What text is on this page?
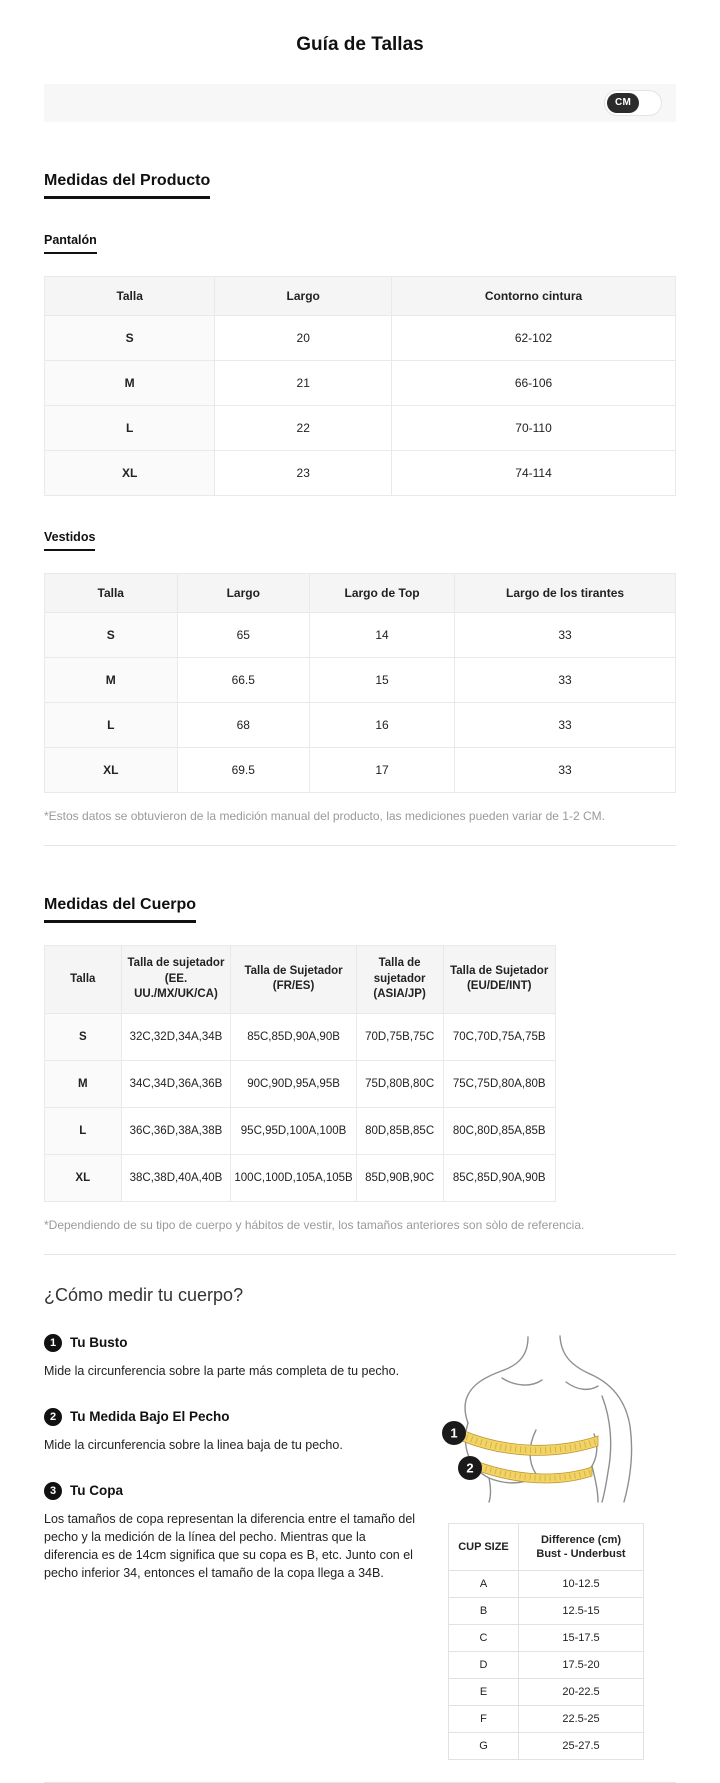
Guía de Tallas
CM
Medidas del Producto
Pantalón
Talla	Largo	Contorno cintura
S	20	62-102
M	21	66-106
L	22	70-110
XL	23	74-114
Vestidos
Talla	Largo	Largo de Top	Largo de los tirantes
S	65	14	33
M	66.5	15	33
L	68	16	33
XL	69.5	17	33
*Estos datos se obtuvieron de la medición manual del producto, las mediciones pueden variar de 1-2 CM.
Medidas del Cuerpo
Talla	Talla de sujetador (EE. UU./MX/UK/CA)	Talla de Sujetador (FR/ES)	Talla de sujetador (ASIA/JP)	Talla de Sujetador (EU/DE/INT)
S	32C,32D,34A,34B	85C,85D,90A,90B	70D,75B,75C	70C,70D,75A,75B
M	34C,34D,36A,36B	90C,90D,95A,95B	75D,80B,80C	75C,75D,80A,80B
L	36C,36D,38A,38B	95C,95D,100A,100B	80D,85B,85C	80C,80D,85A,85B
XL	38C,38D,40A,40B	100C,100D,105A,105B	85D,90B,90C	85C,85D,90A,90B
*Dependiendo de su tipo de cuerpo y hábitos de vestir, los tamaños anteriores son sòlo de referencia.
¿Cómo medir tu cuerpo?
1	Tu Busto
Mide la circunferencia sobre la parte más completa de tu pecho.
2	Tu Medida Bajo El Pecho
Mide la circunferencia sobre la linea baja de tu pecho.
3	Tu Copa
Los tamaños de copa representan la diferencia entre el tamaño del pecho y la medición de la línea del pecho. Mientras que la diferencia es de 14cm significa que su copa es B, etc. Junto con el pecho inferior 34, entonces el tamaño de la copa llega a 34B.
1
2
CUP SIZE	Difference (cm)
Bust - Underbust

A	10-12.5
B	12.5-15
C	15-17.5
D	17.5-20
E	20-22.5
F	22.5-25
G	25-27.5
